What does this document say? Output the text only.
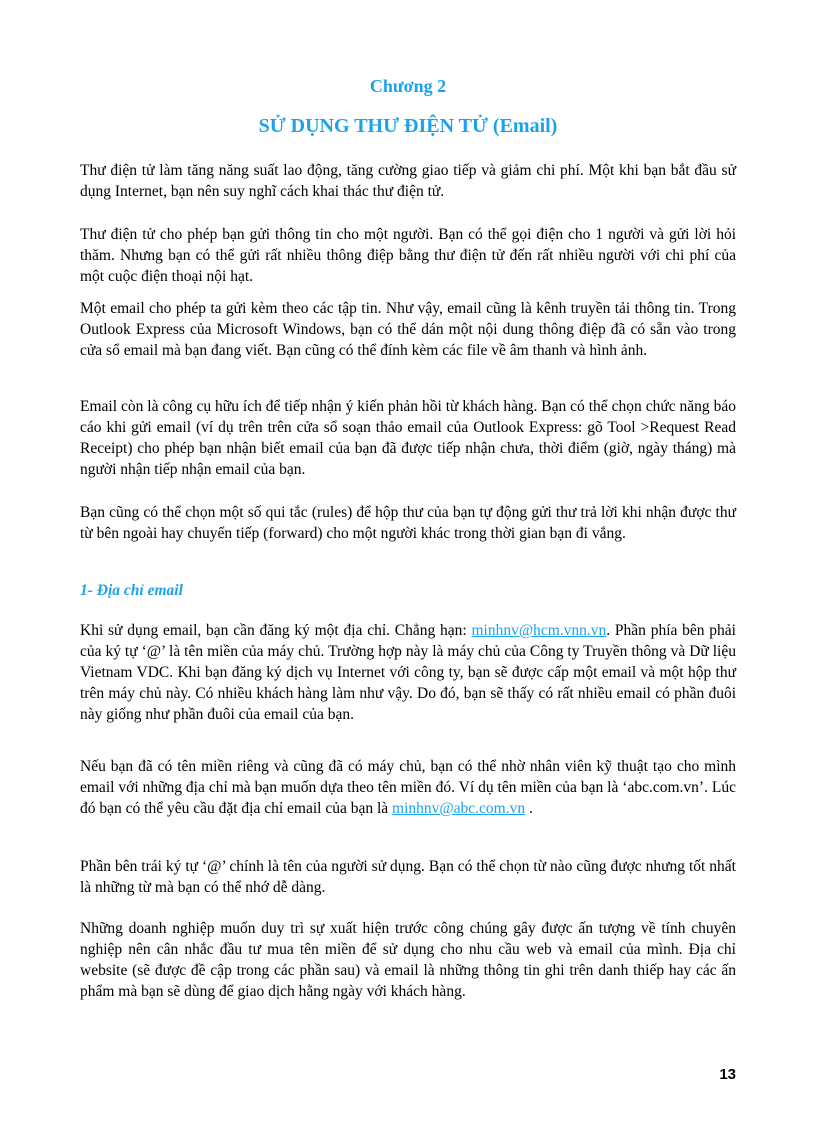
Chương 2
SỬ DỤNG THƯ ĐIỆN TỬ (Email)

Thư điện tử làm tăng năng suất lao động, tăng cường giao tiếp và giảm chi phí. Một khi bạn bắt đầu sử dụng Internet, bạn nên suy nghĩ cách khai thác thư điện tử.

Thư điện tử cho phép bạn gửi thông tin cho một người. Bạn có thể gọi điện cho 1 người và gửi lời hỏi thăm. Nhưng bạn có thể gửi rất nhiều thông điệp bằng thư điện tử đến rất nhiều người với chi phí của một cuộc điện thoại nội hạt.

Một email cho phép ta gửi kèm theo các tập tin. Như vậy, email cũng là kênh truyền tải thông tin. Trong Outlook Express của Microsoft Windows, bạn có thể dán một nội dung thông điệp đã có sẵn vào trong cửa sổ email mà bạn đang viết. Bạn cũng có thể đính kèm các file về âm thanh và hình ảnh.

Email còn là công cụ hữu ích để tiếp nhận ý kiến phản hồi từ khách hàng. Bạn có thể chọn chức năng báo cáo khi gửi email (ví dụ trên trên cửa sổ soạn thảo email của Outlook Express: gõ Tool >Request Read Receipt) cho phép bạn nhận biết email của bạn đã được tiếp nhận chưa, thời điểm (giờ, ngày tháng) mà người nhận tiếp nhận email của bạn.

Bạn cũng có thể chọn một số qui tắc (rules) để hộp thư của bạn tự động gửi thư trả lời khi nhận được thư từ bên ngoài hay chuyển tiếp (forward) cho một người khác trong thời gian bạn đi vắng.

1- Địa chỉ email

Khi sử dụng email, bạn cần đăng ký một địa chỉ. Chẳng hạn: minhnv@hcm.vnn.vn. Phần phía bên phải của ký tự ‘@’ là tên miền của máy chủ. Trường hợp này là máy chủ của Công ty Truyền thông và Dữ liệu Vietnam VDC. Khi bạn đăng ký dịch vụ Internet với công ty, bạn sẽ được cấp một email và một hộp thư trên máy chủ này. Có nhiều khách hàng làm như vậy. Do đó, bạn sẽ thấy có rất nhiều email có phần đuôi này giống như phần đuôi của email của bạn.

Nếu bạn đã có tên miền riêng và cũng đã có máy chủ, bạn có thể nhờ nhân viên kỹ thuật tạo cho mình email với những địa chỉ mà bạn muốn dựa theo tên miền đó. Ví dụ tên miền của bạn là ‘abc.com.vn’. Lúc đó bạn có thể yêu cầu đặt địa chỉ email của bạn là minhnv@abc.com.vn .

Phần bên trái ký tự ‘@’ chính là tên của người sử dụng. Bạn có thể chọn từ nào cũng được nhưng tốt nhất là những từ mà bạn có thể nhớ dễ dàng.

Những doanh nghiệp muốn duy trì sự xuất hiện trước công chúng gây được ấn tượng về tính chuyên nghiệp nên cân nhắc đầu tư mua tên miền để sử dụng cho nhu cầu web và email của mình. Địa chỉ website (sẽ được đề cập trong các phần sau) và email là những thông tin ghi trên danh thiếp hay các ấn phẩm mà bạn sẽ dùng để giao dịch hằng ngày với khách hàng.

13
